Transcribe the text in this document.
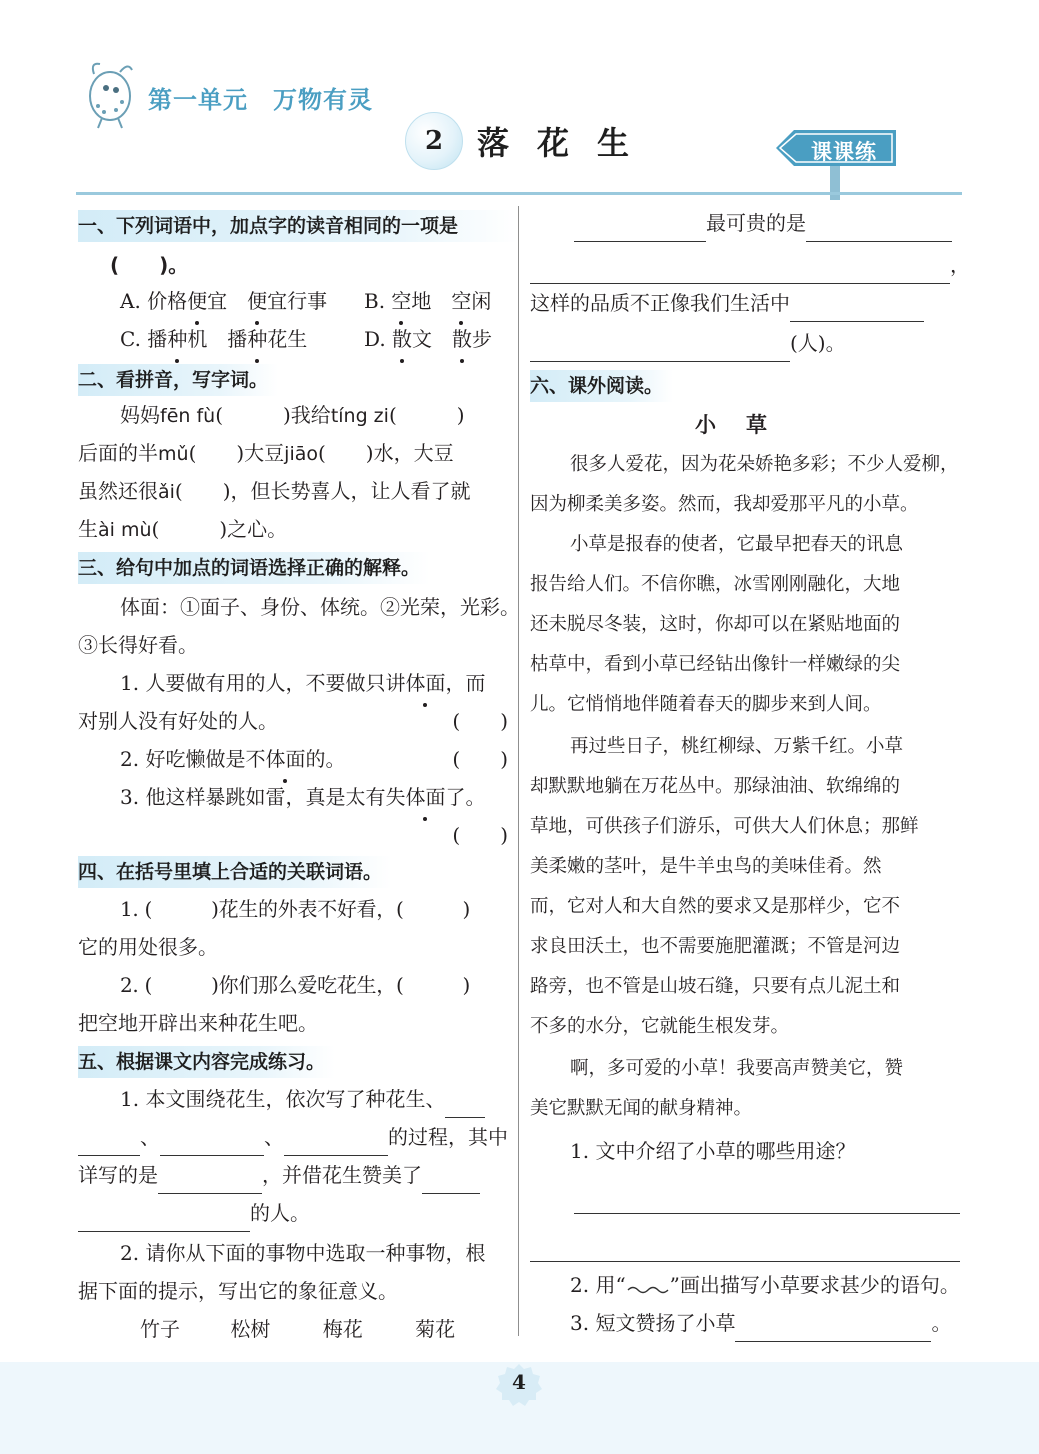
第一单元　万物有灵
2	落花生	课课练
一、下列词语中，加点字的读音相同的一项是
(　　)。
A. 价格便宜　便宜行事 B. 空地　空闲
C. 播种机　播种花生	D. 散文　散步
二、看拼音，写字词。
妈妈fēn fù(　　　)我给tíng zi(　　　)
后面的半mǔ(　　)大豆jiāo(　　)水，大豆
虽然还很ǎi(　　)，但长势喜人，让人看了就
生ài mù(　　　)之心。
三、给句中加点的词语选择正确的解释。
体面：①面子、身份、体统。②光荣，光彩。
③长得好看。
1. 人要做有用的人，不要做只讲体面，而
对别人没有好处的人。	(　　)
2. 好吃懒做是不体面的。	(　　)
3. 他这样暴跳如雷，真是太有失体面了。
(　　)
四、在括号里填上合适的关联词语。
1. (　　　)花生的外表不好看，(　　　)
它的用处很多。
2. (　　　)你们那么爱吃花生，(　　　)
把空地开辟出来种花生吧。
五、根据课文内容完成练习。
1. 本文围绕花生，依次写了种花生、
、	、	的过程，其中
详写的是	，并借花生赞美了
的人。
2. 请你从下面的事物中选取一种事物，根
据下面的提示，写出它的象征意义。
竹子	松树	梅花	菊花
最可贵的是
，
这样的品质不正像我们生活中
(人)。
六、课外阅读。
小草
很多人爱花，因为花朵娇艳多彩；不少人爱柳，
因为柳柔美多姿。然而，我却爱那平凡的小草。
小草是报春的使者，它最早把春天的讯息
报告给人们。不信你瞧，冰雪刚刚融化，大地
还未脱尽冬装，这时，你却可以在紧贴地面的
枯草中，看到小草已经钻出像针一样嫩绿的尖
儿。它悄悄地伴随着春天的脚步来到人间。
再过些日子，桃红柳绿、万紫千红。小草
却默默地躺在万花丛中。那绿油油、软绵绵的
草地，可供孩子们游乐，可供大人们休息；那鲜
美柔嫩的茎叶，是牛羊虫鸟的美味佳肴。然
而，它对人和大自然的要求又是那样少，它不
求良田沃土，也不需要施肥灌溉；不管是河边
路旁，也不管是山坡石缝，只要有点儿泥土和
不多的水分，它就能生根发芽。
啊，多可爱的小草！我要高声赞美它，赞
美它默默无闻的献身精神。
1. 文中介绍了小草的哪些用途？
2. 用“ ”画出描写小草要求甚少的语句。
3. 短文赞扬了小草	。
4
